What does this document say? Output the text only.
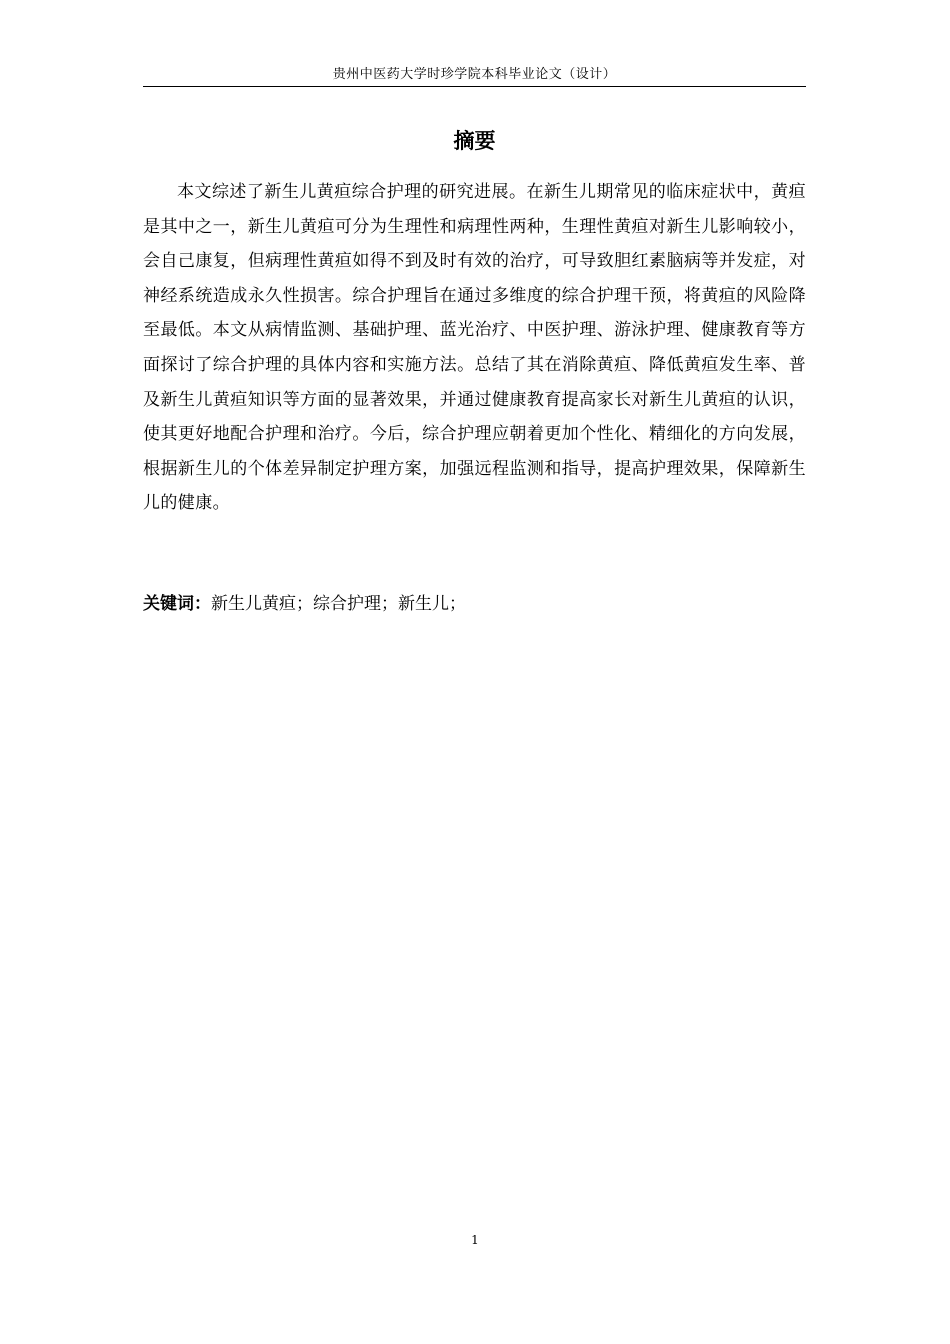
贵州中医药大学时珍学院本科毕业论文（设计）
摘要

本文综述了新生儿黄疸综合护理的研究进展。在新生儿期常见的临床症状中，黄疸是其中之一，新生儿黄疸可分为生理性和病理性两种，生理性黄疸对新生儿影响较小，会自己康复，但病理性黄疸如得不到及时有效的治疗，可导致胆红素脑病等并发症，对神经系统造成永久性损害。综合护理旨在通过多维度的综合护理干预，将黄疸的风险降至最低。本文从病情监测、基础护理、蓝光治疗、中医护理、游泳护理、健康教育等方面探讨了综合护理的具体内容和实施方法。总结了其在消除黄疸、降低黄疸发生率、普及新生儿黄疸知识等方面的显著效果，并通过健康教育提高家长对新生儿黄疸的认识，使其更好地配合护理和治疗。今后，综合护理应朝着更加个性化、精细化的方向发展，根据新生儿的个体差异制定护理方案，加强远程监测和指导，提高护理效果，保障新生儿的健康。

关键词：新生儿黄疸；综合护理；新生儿；
1
